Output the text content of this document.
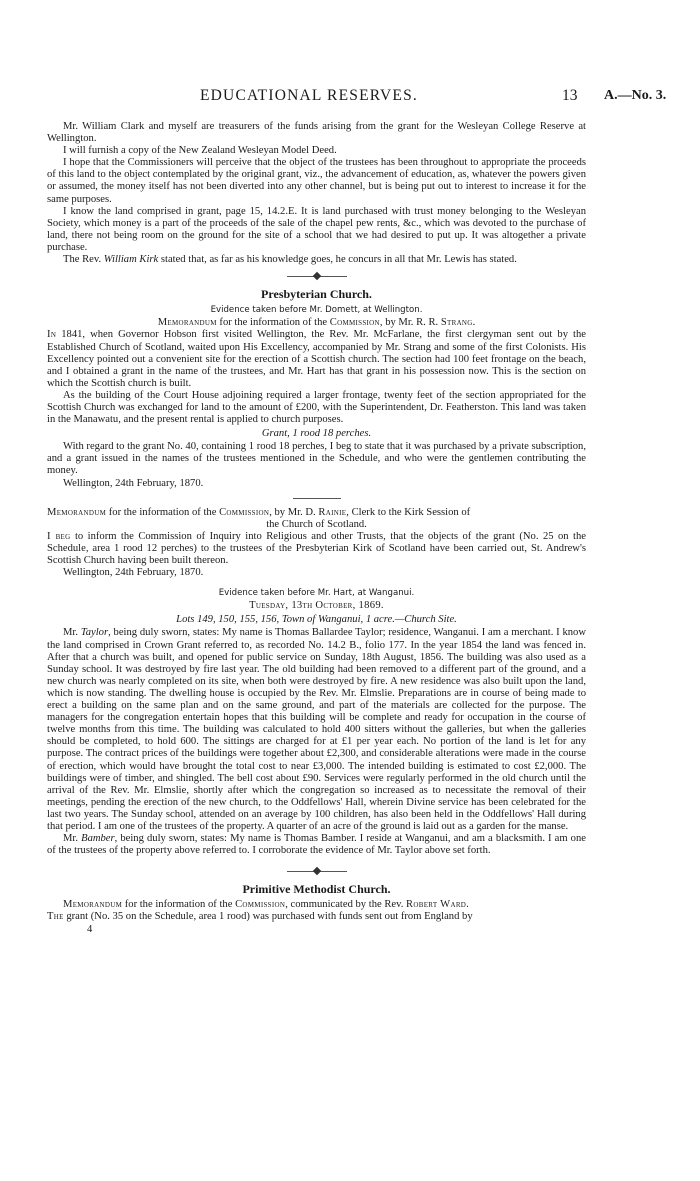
EDUCATIONAL RESERVES.	13 A.—No. 3.

Mr. William Clark and myself are treasurers of the funds arising from the grant for the Wesleyan College Reserve at Wellington.

I will furnish a copy of the New Zealand Wesleyan Model Deed.

I hope that the Commissioners will perceive that the object of the trustees has been throughout to appropriate the proceeds of this land to the object contemplated by the original grant, viz., the advancement of education, as, whatever the powers given or assumed, the money itself has not been diverted into any other channel, but is being put out to interest to increase it for the same purposes.

I know the land comprised in grant, page 15, 14.2.E. It is land purchased with trust money belonging to the Wesleyan Society, which money is a part of the proceeds of the sale of the chapel pew rents, &c., which was devoted to the purchase of land, there not being room on the ground for the site of a school that we had desired to put up. It was altogether a private purchase.

The Rev. William Kirk stated that, as far as his knowledge goes, he concurs in all that Mr. Lewis has stated.

Presbyterian Church.
Evidence taken before Mr. Domett, at Wellington.

Memorandum for the information of the Commission, by Mr. R. R. Strang.

In 1841, when Governor Hobson first visited Wellington, the Rev. Mr. McFarlane, the first clergyman sent out by the Established Church of Scotland, waited upon His Excellency, accompanied by Mr. Strang and some of the first Colonists. His Excellency pointed out a convenient site for the erection of a Scottish church. The section had 100 feet frontage on the beach, and I obtained a grant in the name of the trustees, and Mr. Hart has that grant in his possession now. This is the section on which the Scottish church is built.

As the building of the Court House adjoining required a larger frontage, twenty feet of the section appropriated for the Scottish Church was exchanged for land to the amount of £200, with the Superintendent, Dr. Featherston. This land was taken in the Manawatu, and the present rental is applied to church purposes.

Grant, 1 rood 18 perches.

With regard to the grant No. 40, containing 1 rood 18 perches, I beg to state that it was purchased by a private subscription, and a grant issued in the names of the trustees mentioned in the Schedule, and who were the gentlemen contributing the money.

Wellington, 24th February, 1870.

Memorandum for the information of the Commission, by Mr. D. Rainie, Clerk to the Kirk Session of

the Church of Scotland.

I beg to inform the Commission of Inquiry into Religious and other Trusts, that the objects of the grant (No. 25 on the Schedule, area 1 rood 12 perches) to the trustees of the Presbyterian Kirk of Scotland have been carried out, St. Andrew's Scottish Church having been built thereon.

Wellington, 24th February, 1870.

Evidence taken before Mr. Hart, at Wanganui.

Tuesday, 13th October, 1869.

Lots 149, 150, 155, 156, Town of Wanganui, 1 acre.—Church Site.

Mr. Taylor, being duly sworn, states: My name is Thomas Ballardee Taylor; residence, Wanganui. I am a merchant. I know the land comprised in Crown Grant referred to, as recorded No. 14.2 B., folio 177. In the year 1854 the land was fenced in. After that a church was built, and opened for public service on Sunday, 18th August, 1856. The building was also used as a Sunday school. It was destroyed by fire last year. The old building had been removed to a different part of the ground, and a new church was nearly completed on its site, when both were destroyed by fire. A new residence was also built upon the land, which is now standing. The dwelling house is occupied by the Rev. Mr. Elmslie. Preparations are in course of being made to erect a building on the same plan and on the same ground, and part of the materials are collected for the purpose. The managers for the congregation entertain hopes that this building will be complete and ready for occupation in the course of twelve months from this time. The building was calculated to hold 400 sitters without the galleries, but when the galleries should be completed, to hold 600. The sittings are charged for at £1 per year each. No portion of the land is let for any purpose. The contract prices of the buildings were together about £2,300, and considerable alterations were made in the course of erection, which would have brought the total cost to near £3,000. The intended building is estimated to cost £2,000. The buildings were of timber, and shingled. The bell cost about £90. Services were regularly performed in the old church until the arrival of the Rev. Mr. Elmslie, shortly after which the congregation so increased as to necessitate the removal of their meetings, pending the erection of the new church, to the Oddfellows' Hall, wherein Divine service has been celebrated for the last two years. The Sunday school, attended on an average by 100 children, has also been held in the Oddfellows' Hall during that period. I am one of the trustees of the property. A quarter of an acre of the ground is laid out as a garden for the manse.

Mr. Bamber, being duly sworn, states: My name is Thomas Bamber. I reside at Wanganui, and am a blacksmith. I am one of the trustees of the property above referred to. I corroborate the evidence of Mr. Taylor above set forth.

Primitive Methodist Church.

Memorandum for the information of the Commission, communicated by the Rev. Robert Ward.

The grant (No. 35 on the Schedule, area 1 rood) was purchased with funds sent out from England by

4
